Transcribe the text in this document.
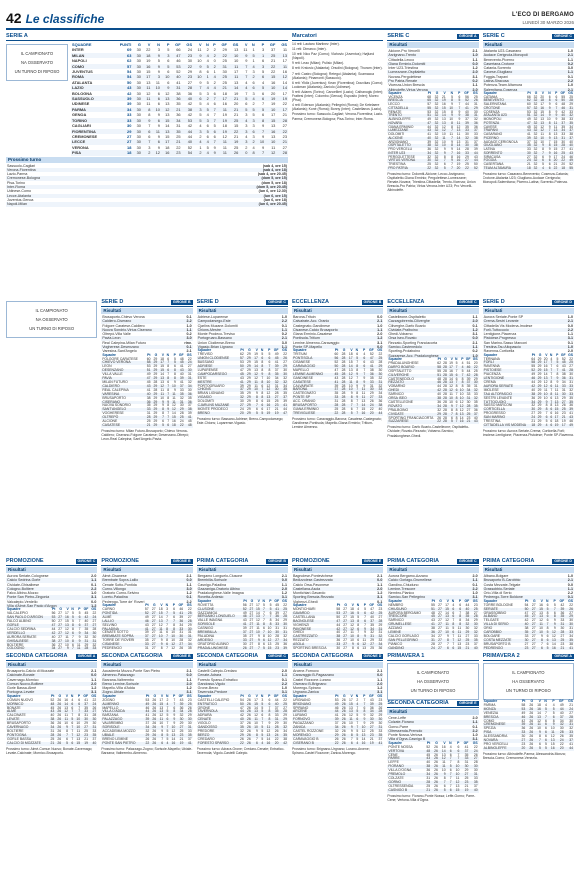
42 Le classifiche	L'ECO DI BERGAMO
LUNEDÌ 30 MARZO 2026
SERIE A
IL CAMPIONATO
NA OSSERVATO
UN TURNO DI RIPOSO
SQUADRE	PUNTI	G	V	N	P	GF	GS	V	N	P	GF	GS	V	N	P	GF	GS
INTER	69	30	22	3	5	66	24	11	2	2	29	13	11	1	3	37	11
MILAN	63	30	18	9	3	47	23	9	4	2	22	10	9	5	1	25	13
NAPOLI	62	30	19	5	6	46	30	10	4	0	25	10	9	1	6	21	17
COMO	57	30	16	9	5	53	22	9	5	2	31	11	7	4	3	22	11
JUVENTUS	54	30	15	9	6	52	29	8	6	1	30	17	7	3	5	22	16
ROMA	54	30	17	3	10	40	23	10	1	4	25	11	7	2	6	15	12
ATALANTA	50	30	13	11	6	41	27	9	5	2	25	13	4	6	4	16	14
LAZIO	43	30	11	10	9	31	28	7	4	4	21	14	4	6	5	10	14
BOLOGNA	42	30	12	6	12	38	36	5	3	6	18	19	7	3	6	20	17
SASSUOLO	39	30	11	6	13	36	40	6	2	7	17	21	5	4	6	19	19
UDINESE	39	30	11	6	13	35	42	5	4	6	16	20	6	2	7	19	22
PARMA	34	30	8	10	12	21	38	3	5	7	11	21	5	5	5	10	17
GENOA	33	30	8	9	13	36	42	5	4	7	19	21	3	5	6	17	21
TORINO	33	30	9	6	15	34	53	5	3	7	19	25	4	3	8	15	28
CAGLIARI	30	30	7	9	14	31	42	4	6	5	18	15	3	3	9	13	27
FIORENTINA	29	30	6	11	13	35	44	3	5	6	19	22	3	6	7	16	22
CREMONESE	27	30	6	9	15	25	44	2	6	6	12	21	4	3	9	13	23
LECCE	27	30	7	6	17	21	40	4	4	7	11	19	3	2	10	10	21
VERONA	18	30	3	9	18	22	52	1	5	9	11	25	2	4	9	11	27
PISA	18	30	2	12	16	23	54	2	4	9	11	26	0	8	7	12	28
Prossimo turno
Sassuolo-Cagliari	(sab 4, ore 15)
Verona-Fiorentina	(sab 4, ore 18)
Lazio-Parma	(sab 4, ore 20.45)
Cremonese-Bologna	(dom 5, ore 15)
Pisa-Torino	(dom 5, ore 18)
Inter-Roma	(dom 5, ore 20.45)
Udinese-Como	(lun 6, ore 12.30)
Lecce-Atalanta	(lun 6, ore 15)
Juventus-Genoa	(lun 6, ore 18)
Napoli-Milan	(lun 6, ore 20.45)
Marcatori
14 reti: Lautaro Martinez (Inter).
11 reti: Dimarco (Inter).
10 reti: Nico Paz (Como); Vlahovic (Juventus); Højlund (Napoli).
9 reti: Leao (Milan); Pulisic (Milan).
8 reti: Krstovic (Atalanta); Orsolini (Bologna); Thuram (Inter).
7 reti: Castro (Bologna); Retegui (Atalanta); Scamacca (Atalanta); Pinamonti (Sassuolo).
6 reti: Yildiz (Juventus); Kean (Fiorentina); Douvikas (Como); Lookman (Atalanta); Zaniolo (Udinese).
5 reti: Adams (Torino); Cancellieri (Lazio); Calhanoglu (Inter); Frattesi (Inter); Colombo (Genoa); Esposito (Inter); Moreo (Pisa).
4 reti: Ederson (Atalanta); Pellegrini (Roma); De Ketelaere (Atalanta); Koné (Roma); Bonny (Inter); Castellanos (Lazio).
Prossimo turno: Sassuolo-Cagliari; Verona-Fiorentina; Lazio-Parma; Cremonese-Bologna; Pisa-Torino; Inter-Roma.
SERIE C	GIRONE A
Risultati
Alcione-Pro Vercelli	2-1
Arzignano-Trento	1-0
Cittadella-Lecco	1-1
Giana Erminio-Dolomiti	0-0
Inter U23-Triestina	1-2
Lumezzane-Ospitaletto	2-0
Novara-Pergolettese	3-1
Pro Patria-Renate	0-2
Vicenza-Union Brescia	1-1
Albinoleffe-Virtus Verona	2-0
Squadre	Pt	G	V	N	P	GF	GS
VICENZA	68	32	21	5	6	56	25
BRESCIA	65	32	19	8	5	52	26
LECCO	57	32	16	9	7	44	31
CITTADELLA	55	32	15	10	7	41	29
RENATE	53	32	15	8	9	40	30
TRENTO	51	32	14	9	9	38	31
ALBINOLEFFE	49	32	13	10	9	37	32
NOVARA	47	32	13	8	11	39	36
GIANA ERMINIO	44	32	12	8	12	35	36
LUMEZZANE	43	32	12	7	13	33	37
DOLOMITI	41	32	10	11	11	30	33
ALCIONE	40	32	11	7	14	32	38
ARZIGNANO	39	32	10	9	13	31	37
OSPITALETTO	38	32	10	8	14	30	38
PRO VERCELLI	36	32	9	9	14	28	39
INTER U23	34	32	9	7	16	33	44
PERGOLETTESE	32	32	8	8	16	29	43
VIRTUS VERONA	30	32	7	9	16	27	44
TRIESTINA	25	32	6	7	19	25	50
PRO PATRIA	22	32	5	7	20	22	52
Prossimo turno: Dolomiti-Alcione; Lecco-Arzignano; Ospitaletto-Giana Erminio; Pergolettese-Lumezzane; Renate-Novara; Triestina-Cittadella; Trento-Vicenza; Union Brescia-Pro Patria; Virtus Verona-Inter U23; Pro Vercelli-Albinoleffe.
SERIE C	GIRONE C
Risultati
Atalanta U23-Casarano	1-0
Audace Cerignola-Monopoli	2-1
Benevento-Picerno	1-1
Casertana-Crotone	0-2
Catania-Sorrento	3-0
Cavese-Giugliano	1-1
Foggia-Trapani	0-1
Latina-Siracusa	2-2
Potenza-Team Altamura	1-0
Salernitana-Cosenza	2-1
Squadre	Pt	G	V	N	P	GF	GS
CATANIA	66	32	20	6	6	55	25
BENEVENTO	62	32	18	8	6	50	28
SALERNITANA	60	32	17	9	6	48	29
CROTONE	57	32	16	9	7	46	31
COSENZA	53	32	15	8	9	42	33
ATALANTA U23	51	32	14	9	9	40	32
MONOPOLI	49	32	13	10	9	38	33
POTENZA	47	32	13	8	11	37	35
CAVESE	45	32	12	9	11	35	34
TRAPANI	43	32	12	7	13	34	37
CASARANO	41	32	11	8	13	33	38
PICERNO	39	32	10	9	13	31	37
AUDACE CERIGNOLA	37	32	10	7	15	30	40
GIUGLIANO	35	32	9	8	15	28	40
LATINA	33	32	8	9	15	27	41
SORRENTO	30	32	7	9	16	25	43
SIRACUSA	27	32	6	9	17	24	46
FOGGIA	24	32	6	6	20	22	49
CASERTANA	21	32	5	6	21	20	52
TEAM ALTAMURA	18	32	4	6	22	18	55
Prossimo turno: Casarano-Benevento; Cosenza-Catania; Crotone-Atalanta U23; Giugliano-Audace Cerignola; Monopoli-Salernitana; Picerno-Latina; Sorrento-Potenza.
IL CAMPIONATO
NA OSSERVATO
UN TURNO DI RIPOSO
SERIE D	GIRONE B
Risultati
Brusaporto-Chievo Verona	0-1
Caldiero-Ciserano	2-2
Folgore Caratese-Caldiero	1-0
Nuova Sondrio-Virtus Ciserano	1-1
Oltrepò-Villa Valle	0-2
Pavia-Leon	3-0
Real Calepina-Milan Futuro	rinv.
Vogherese-Desenzano	0-1
Varesina-Sant'Angelo	2-1
Squadre	Pt	G	V	N	P	GF	GS
FOLGORE CARATESE	60	29	18	6	5	48	22
CHIEVO VERONA	58	29	17	7	5	45	24
LEON	53	29	15	8	6	41	27
DESENZANO	51	29	15	6	8	43	30
VILLA VALLE	49	29	14	7	8	40	31
PAVIA	47	29	13	8	8	39	31
MILAN FUTURO	45	28	13	6	9	41	32
CALDIERO	43	29	12	7	10	37	34
REAL CALEPINA	41	28	11	8	9	33	30
VARESINA	40	29	11	7	11	35	36
BRUSAPORTO	38	29	10	8	11	32	35
CISERANO	36	29	9	9	11	31	36
NUOVA SONDRIO	35	29	9	8	12	30	37
SANT'ANGELO	33	29	8	9	12	29	38
VOGHERESE	31	29	8	7	14	28	39
OLTREPÒ	28	29	7	7	15	25	41
ALCIONE	25	29	6	7	16	24	45
CASATESE	21	29	5	6	18	22	48
Prossimo turno: Milan Futuro-Brusaporto; Chievo Verona-Caldiero; Ciserano-Folgore Caratese; Desenzano-Oltrepò; Leon-Real Calepina; Sant'Angelo-Pavia.
SERIE D	GIRONE C
Risultati
Adriese-Luparense	1-0
Campodarsego-Este	2-2
Cjarlins Muzane-Dolomiti	0-1
Chions-Mestre	1-1
Monte Prodeco-Treviso	0-2
Portogruaro-Bassano	2-1
Union Clodiense-Breno	3-0
Vigasio-Brian Lignano	1-1
Squadre	Pt	G	V	N	P	GF	GS
TREVISO	62	29	19	5	5	49	22
UNION CLODIENSE	57	29	17	6	6	45	26
BASSANO	53	29	15	8	6	41	27
ADRIESE	50	29	14	8	7	39	29
LUPARENSE	47	29	13	8	8	37	30
CAMPODARSEGO	45	29	12	9	8	35	30
ESTE	43	29	12	7	10	34	32
MESTRE	41	29	11	8	10	32	32
PORTOGRUARO	39	29	11	6	12	31	34
CHIONS	37	29	10	7	12	30	35
BRIAN LIGNANO	35	29	9	8	12	28	35
VIGASIO	32	29	8	8	13	27	37
DOLOMITI	30	29	8	6	15	25	39
CJARLINS MUZANE	27	29	7	6	16	23	41
MONTE PRODECO	24	29	6	6	17	21	44
BRENO	20	29	5	5	19	19	47
Prossimo turno: Bassano-Adriese; Breno-Campodarsego; Este-Chions; Luparense-Vigasio.
ECCELLENZA	GIRONE B
Risultati
Barona-Trituin	0-0
Calvairate-Acc. Oranio	2-1
Castegnato-Gandinese	1-0
Cisanese-Calcio Brusaporto	1-1
Giana Erminio-Casatese	2-0
Pontisola-Tritium	1-2
Lemine Almenno-Caravaggio	3-1
Ponte SP-Mapello	0-0
Squadre	Pt	G	V	N	P	GF	GS
TRITIUM	60	28	18	6	4	52	22
PONTISOLA	56	28	17	5	6	47	25
CISANESE	52	28	15	7	6	43	28
CARAVAGGIO	50	28	14	8	6	41	29
MAPELLO	47	28	13	8	7	38	30
LEMINE ALMENNO	45	28	12	9	7	36	30
GANDINESE	43	28	12	7	9	35	32
CASATESE	41	28	11	8	9	33	31
CALVAIRATE	39	28	10	9	9	31	32
BARONA	37	28	10	7	11	30	33
CASTEGNATO	35	28	9	8	11	29	34
PONTE SP	33	28	8	9	11	27	33
ACC. ORANIO	31	28	8	7	13	26	36
BRUSAPORTO	28	28	7	7	14	24	38
GIANA ERMINIO	25	28	6	7	15	22	40
TREVIGLIESE	22	28	5	7	16	20	44
Prossimo turno: Caravaggio-Barona; Casatese-Castegnato; Gandinese-Pontisola; Mapello-Giana Erminio; Tritium-Lemine Almenno.
ECCELLENZA	GIRONE C
Risultati
Castelleone-Ospitaletto	1-1
Cazzagobrenta-Ciliverghe	2-0
Ciliverghe-Darfo Boario	0-1
Cividate-Pralboino	1-2
Ghedi-Vobarno	3-1
Orsa Iseo-Rovato	0-0
Rezzato-Sporting Franciacorta	2-1
Sarnico-Castenedolo	1-1
Sporting-Prolaboino	0-2
Suzzarese-Acc. Pradalunghese	1-0
Squadre	Pt	G	V	N	P	GF	GS
PRADALUNGHESE	62	28	19	5	4	51	20
DARFO BOARIO	58	28	17	7	4	46	22
OSPITALETTO	55	28	16	7	5	44	25
CILIVERGHE	51	28	15	6	7	42	28
CASTENEDOLO	48	28	14	6	8	39	29
REZZATO	46	28	13	7	8	37	30
VOBARNO	44	28	12	8	8	35	31
GHEDI	42	28	12	6	10	34	32
SARNICO	40	28	11	7	10	33	33
ORSA ISEO	38	28	10	8	10	31	32
CASTELLEONE	36	28	10	6	12	30	35
ROVATO	34	28	9	7	12	28	35
PRALBOINO	32	28	8	8	12	27	36
CIVIDATE	29	28	7	8	13	25	37
SPORTING FRANCIACORTA	26	28	6	8	14	23	40
SUZZARESE	22	28	5	7	16	21	43
Prossimo turno: Darfo Boario-Castelleone; Ospitaletto-Cividate; Rovato-Rezzato; Vobarno-Sarnico; Pradalunghese-Ghedi.
SERIE D	GIRONE D
Risultati
Aurora Seriate-Ponte SP	1-0
Crema-Sestri Levante	2-1
Cittadella Vis Modena-Imolese	0-0
Forlì-Tuttocuoio	2-2
Lentigione-Piacenza	1-1
Pistoiese-Progresso	3-1
San Marino-Sasso Marconi	0-1
Trestina-Tau Altopascio	1-0
Ravenna-Corticella	2-0
Squadre	Pt	G	V	N	P	GF	GS
TERNANA	64	29	20	4	5	52	22
FORLÌ	58	29	17	7	5	45	25
RAVENNA	55	29	16	7	6	43	27
PISTOIESE	52	29	15	7	7	41	28
PIACENZA	49	29	14	7	8	38	30
LENTIGIONE	46	29	13	7	9	36	31
CREMA	44	29	12	8	9	34	31
AURORA SERIATE	42	29	12	6	11	33	33
IMOLESE	40	29	11	7	11	31	32
TAU ALTOPASCIO	38	29	10	8	11	30	33
SESTRI LEVANTE	36	29	10	6	13	29	35
TUTTOCUOIO	34	29	9	7	13	27	35
SASSO MARCONI	32	29	8	8	13	26	36
CORTICELLA	30	29	8	6	15	25	39
PROGRESSO	27	29	7	6	16	23	41
SAN MARINO	24	29	6	6	17	21	43
TRESTINA	21	29	5	6	18	19	46
CITTADELLA VIS MODENA	18	29	4	6	19	17	49
Prossimo turno: Aurora Seriate-Crema; Corticella-Forlì; Imolese-Lentigione; Piacenza-Pistoiese; Ponte SP-Ravenna.
PROMOZIONE	GIRONE C
Risultati
Aurora Seriate-Colognese	2-0
Calcio Sedrina-Gorle	1-1
Cividate-Ghisalbese	0-1
Cologno-Boltiere	2-2
Falco Albino-Mozzo	1-0
Ponte San Pietro-Zingonia	3-1
Valcalepio-Verdello	0-0
Villa d'Almè-San Paolo d'Argon	1-2
Squadre	Pt	G	V	N	P	GF	GS
VALCALEPIO	56	27	17	5	5	45	22
SAN PAOLO D'ARGON	53	27	16	5	6	42	24
FALCO ALBINO	50	27	15	5	7	40	27
GORLE	47	27	13	8	6	37	27
CALCIO SEDRINA	44	27	12	8	7	35	28
VERDELLO	42	27	12	6	9	34	30
AURORA SERIATE	40	27	11	7	9	32	30
GHISALBESE	38	27	10	8	9	31	31
BOLTIERE	36	27	10	6	11	29	32
COLOGNO	34	27	9	7	11	28	33

PROMOZIONE	GIRONE B
Risultati
Almè-Cisanese	2-1
Brembate Sopra-Lallio	0-0
Cenate Sotto-Pontida	1-1
Curno-Villongo	3-0
Oratorio Curno-Selvino	1-2
Loreto-Paladina	0-1
Pedrengo-Torre de' Roveri	2-2
Squadre	Pt	G	V	N	P	GF	GS
CURNO	57	27	18	3	6	46	22
PONTIDA	52	27	15	7	5	41	25
ALMÈ	49	27	14	7	6	39	27
LALLIO	46	27	13	7	7	36	28
SELVINO	43	27	12	7	8	34	29
PALADINA	41	27	11	8	8	33	30
CENATE SOTTO	39	27	11	6	10	31	31
BREMBATE SOPRA	37	27	10	7	10	30	31
TORRE DE' ROVERI	35	27	9	8	10	28	32
CISANESE	33	27	9	6	12	27	34
PEDRENGO	31	27	8	7	12	26	35

PRIMA CATEGORIA	GIRONE B
Risultati
Bergamo Longuelo-Clusone	2-1
Brembilla-Sorisole	0-0
Casnigo-Paladina	1-1
Gazzaniga-Oratorio Albino	2-0
Pradalunghese-Valle Imagna	1-2
Rovetta-Ardesio	3-1
Squadre	Pt	G	V	N	P	GF	GS
ROVETTA	56	27	17	5	5	45	22
CLUSONE	52	27	15	7	5	41	25
GAZZANIGA	49	27	14	7	6	39	27
BERGAMO LONGUELO	46	27	13	7	7	36	28
VALLE IMAGNA	43	27	12	7	8	34	29
SORISOLE	41	27	11	8	8	33	30
CASNIGO	39	27	11	6	10	31	31
BREMBILLA	37	27	10	7	10	30	31
PALADINA	35	27	9	8	10	28	32
ARDESIO	33	27	9	6	12	27	34
ORATORIO ALBINO	30	27	8	6	13	25	36
PRADALUNGHESE	26	27	7	5	15	23	39
PROMOZIONE	GIRONE E
Risultati
Bagnolese-Pontevichese	2-1
Bedizzolese-Castrezzato	0-0
Calcio Orsa-Pavonese	1-1
Castellana-Asola	2-0
Montichiari-Gavardo	1-2
Sporting Brescia-Rezzato	3-1
Vighenzi-Ghedi	0-1
Squadre	Pt	G	V	N	P	GF	GS
MONTICHIARI	58	27	18	4	5	47	23
GAVARDO	53	27	16	5	6	42	25
CASTELLANA	50	27	15	5	7	40	27
BAGNOLESE	47	27	13	8	6	37	28
VIGHENZI	44	27	12	8	7	35	29
PAVONESE	42	27	12	6	9	34	31
GHEDI	40	27	11	7	9	32	31
CASTREZZATO	38	27	10	8	9	31	32
REZZATO	36	27	10	6	11	29	33
ASOLA	33	27	9	6	12	27	34
SPORTING BRESCIA	30	27	8	6	13	25	36

PRIMA CATEGORIA	GIRONE C
Risultati
Aurora Bergamo-Azzano	2-0
Calcio Gorlago-Grumellese	1-1
Gandino-Chiuduno	0-1
Lemine-Trescore	2-2
Nembro-Pianico	1-0
Sarnico-San Pellegrino	3-1
Squadre	Pt	G	V	N	P	GF	GS
NEMBRO	55	27	17	4	6	44	23
CHIUDUNO	51	27	15	6	6	40	25
AURORA BERGAMO	48	27	14	6	7	38	27
TRESCORE	45	27	13	6	8	35	28
SARNICO	43	27	12	7	8	34	29
GRUMELLESE	41	27	11	8	8	32	30
AZZANO	38	27	11	5	11	30	32
LEMINE	36	27	10	6	11	29	32
CALCIO GORLAGO	34	27	9	7	11	27	33
SAN PELLEGRINO	31	27	8	7	12	25	35
PIANICO	28	27	7	7	13	23	37
GANDINO	24	27	6	6	15	21	40
PRIMA CATEGORIA	GIRONE D
Risultati
Albano-Bolgare	1-0
Brusaporto B-Carobbio	2-1
Costa Mezzate-Telgate	0-0
Grassobbio-Seriate	1-1
Orio-Villa di Serio	2-2
Pedrengo-Torre Boldone	0-1
Squadre	Pt	G	V	N	P	GF	GS
TORRE BOLDONE	54	27	16	6	5	42	22
SERIATE	50	27	15	5	7	39	26
GRASSOBBIO	47	27	13	8	6	36	27
ALBANO	45	27	13	6	8	35	29
TELGATE	42	27	12	6	9	33	30
VILLA DI SERIO	40	27	11	7	9	31	30
ORIO	38	27	10	8	9	30	31
CAROBBIO	35	27	10	5	12	28	33
BOLGARE	33	27	9	6	12	27	34
COSTA MEZZATE	30	27	8	6	13	25	35
BRUSAPORTO B	27	27	7	6	14	23	38
PEDRENGO	23	27	6	5	16	21	41
SECONDA CATEGORIA	GIRONE A
Risultati
Brusaporto-Calcio di Mozzate	2-1
Calcinate-Bonate	0-0
Cavernago-Mornico	1-1
Comun Nuovo-Boltiere	2-0
Gorle Bassa-Almè	1-2
Pontogna-Levate	3-1
Squadre	Pt	G	V	N	P	GF	GS
COMUN NUOVO	52	26	16	4	6	41	22
MORNICO	48	26	14	6	6	37	24
BONATE	45	26	13	6	7	35	26
ALMÈ	43	26	12	7	7	33	27
CALCINATE	40	26	11	7	8	31	28
LEVATE	38	26	11	5	10	30	30
BRUSAPORTO	36	26	10	6	10	29	30
CAVERNAGO	34	26	9	7	10	27	31
BOLTIERE	31	26	8	7	11	25	33
PONTOGNA	28	26	7	7	12	23	35
GORLE BASSA	25	26	6	7	13	21	37
CALCIO DI MOZZATE	21	26	5	6	15	19	40
Prossimo turno: Almè-Comun Nuovo; Bonate-Cavernago; Levate-Calcinate; Mornico-Brusaporto.
SECONDA CATEGORIA	GIRONE B
Risultati
Accademia Mozzo-Ponte San Pietro	2-1
Almenno-Palazzago	0-0
Barzana-Valbrembo	1-1
Breno Lemine-Sorisole	2-0
Mapello-Villa d'Adda	1-2
Zogno-Ubiale	3-1
Squadre	Pt	G	V	N	P	GF	GS
ZOGNO	53	26	17	2	7	43	23
ALMENNO	49	26	15	4	7	39	25
MAPELLO	46	26	13	7	6	36	26
VILLA D'ADDA	44	26	13	5	8	34	28
BARZANA	41	26	12	5	9	32	29
PALAZZAGO	39	26	11	6	9	30	30
VALBREMBO	37	26	10	7	9	29	30
SORISOLE	34	26	9	7	10	27	31
ACCADEMIA MOZZO	32	26	9	5	12	25	33
UBIALE	29	26	8	5	13	23	35
BRENO LEMINE	26	26	7	5	14	21	37
PONTE SAN PIETRO	22	26	6	4	16	19	41
Prossimo turno: Palazzago-Zogno; Sorisole-Mapello; Ubiale-Barzana; Valbrembo-Almenno.
SECONDA CATEGORIA	GIRONE C
Risultati
Castelli Calepio-Credaro	2-0
Cenate-Adrara	1-1
Foresto Sparso-Entratico	0-1
Gandosso-Vigolo	2-2
Grone-Berzo	1-0
Tavernola-Predore	3-1
Squadre	Pt	G	V	N	P	GF	GS
CASTELLI CALEPIO	54	26	17	3	6	44	22
ENTRATICO	50	26	15	5	6	40	25
GRONE	47	26	14	5	7	37	27
TAVERNOLA	44	26	13	5	8	35	28
ADRARA	42	26	12	6	8	33	29
CENATE	40	26	11	7	8	31	29
VIGOLO	37	26	10	7	9	29	30
GANDOSSO	35	26	10	5	11	28	32
PREDORE	32	26	9	5	12	26	34
BERZO	29	26	8	5	13	24	35
CREDARO	26	26	7	5	14	22	38
FORESTO SPARSO	22	26	6	4	16	20	42
Prossimo turno: Adrara-Grone; Credaro-Cenate; Entratico-Tavernola; Vigolo-Castelli Calepio.
SECONDA CATEGORIA	GIRONE D
Risultati
Arcene-Fornovo	2-1
Caravaggio B-Pagazzano	0-0
Castel Rozzone-Lurano	1-1
Ciserano B-Brignano	2-0
Morengo-Spirano	1-2
Urgnano-Zanica	3-1
Squadre	Pt	G	V	N	P	GF	GS
URGNANO	53	26	17	2	7	43	23
BRIGNANO	49	26	15	4	7	39	25
SPIRANO	46	26	13	7	6	36	26
ARCENE	44	26	13	5	8	34	28
LURANO	41	26	12	5	9	32	29
FORNOVO	39	26	11	6	9	30	30
PAGAZZANO	37	26	10	7	9	29	30
ZANICA	34	26	9	7	10	27	31
CASTEL ROZZONE	32	26	9	5	12	25	33
MORENGO	29	26	8	5	13	23	35
CARAVAGGIO B	26	26	7	5	14	21	37
CISERANO B	22	26	6	4	16	19	41
Prossimo turno: Brignano-Urgnano; Lurano-Arcene; Spirano-Castel Rozzone; Zanica-Morengo.
PRIMAVERA 1
IL CAMPIONATO
HA OSSERVATO
UN TURNO DI RIPOSO
SECONDA CATEGORIA	GIRONE E
Risultati
Cene-Leffe	2-0
Colzate-Fiorano	1-1
Gorno-Parre	0-1
Oltressenda-Premolo	2-2
Ponte Nossa-Vertova	1-0
Villa d'Ogna-Casnigo B	3-1
Squadre	Pt	G	V	N	P	GF	GS
PONTE NOSSA	52	26	16	4	6	41	22
VERTOVA	48	26	14	6	6	37	24
CENE	45	26	13	6	7	35	26
PARRE	43	26	12	7	7	33	27
LEFFE	40	26	11	7	8	31	28
FIORANO	38	26	11	5	10	30	30
VILLA D'OGNA	36	26	10	6	10	29	30
PREMOLO	34	26	9	7	10	27	31
COLZATE	31	26	8	7	11	25	33
GORNO	28	26	7	7	12	23	35
OLTRESSENDA	25	26	6	7	13	21	37
CASNIGO B	21	26	5	6	15	19	40
Prossimo turno: Fiorano-Ponte Nossa; Leffe-Gorno; Parre-Cene; Vertova-Villa d'Ogna.
PRIMAVERA 2	GIRONE A
IL CAMPIONATO
HA OSSERVATO
UN TURNO DI RIPOSO
Squadre	Pt	G	V	N	P	GF	GS
PARMA	58	26	18	4	4	49	21
MONZA	53	26	16	5	5	44	24
VENEZIA	49	26	14	7	5	40	27
BRESCIA	46	26	13	7	6	37	28
COMO	42	26	12	6	8	34	30
CREMONESE	39	26	11	6	9	32	31
SPEZIA	36	26	10	6	10	30	32
PISA	33	26	9	6	11	28	33
ALESSANDRIA	30	26	8	6	12	26	35
NOVARA	27	26	7	6	13	24	37
PRO VERCELLI	23	26	6	5	15	22	41
ALBINOLEFFE	20	26	5	5	16	20	44
Prossimo turno: Albinoleffe-Parma; Alessandria-Monza; Brescia-Como; Cremonese-Venezia.
